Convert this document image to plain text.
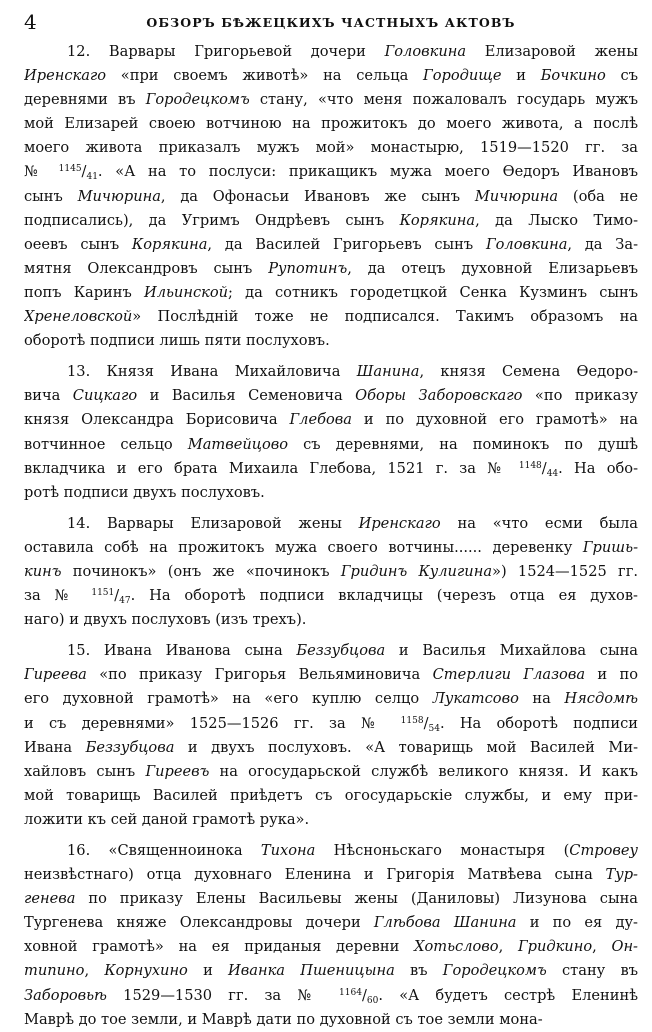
4	ОБЗОРЪ БѢЖЕЦКИХЪ ЧАСТНЫХЪ АКТОВЪ
12. Варвары Григорьевой дочери Головкина Елизаровой жены
Иренскаго «при своемъ животѣ» на сельца Городище и Бочкино съ
деревнями въ Городецкомъ стану, «что меня пожаловалъ государь мужъ
мой Елизарей своею вотчиною на прожитокъ до моего живота, а послѣ
моего живота приказалъ мужъ мой» монастырю, 1519—1520 гг. за
№ $^{1145}/_{41}$. «А на то послуси: прикащикъ мужа моего Өедоръ Ивановъ
сынъ Мичюрина, да Офонасьи Ивановъ же сынъ Мичюрина (оба не
подписались), да Угримъ Ондрѣевъ сынъ Корякина, да Лыско Тимо-
оеевъ сынъ Корякина, да Василей Григорьевъ сынъ Головкина, да За-
мятня Олександровъ сынъ Рупотинъ, да отецъ духовной Елизарьевъ
попъ Каринъ Ильинской; да сотникъ городетцкой Сенка Кузминъ сынъ
Хренеловской» Послѣдній тоже не подписался. Такимъ образомъ на
оборотѣ подписи лишь пяти послуховъ.
13. Князя Ивана Михайловича Шанина, князя Семена Өедоро-
вича Сицкаго и Василья Семеновича Оборы Заборовскаго «по приказу
князя Олександра Борисовича Глебова и по духовной его грамотѣ» на
вотчинное сельцо Матвейцово съ деревнями, на поминокъ по душѣ
вкладчика и его брата Михаила Глебова, 1521 г. за № $^{1148}/_{44}$. На обо-
ротѣ подписи двухъ послуховъ.
14. Варвары Елизаровой жены Иренскаго на «что есми была
оставила собѣ на прожитокъ мужа своего вотчины...... деревенку Гришь-
кинъ починокъ» (онъ же «починокъ Гридинъ Кулигина») 1524—1525 гг.
за № $^{1151}/_{47}$. На оборотѣ подписи вкладчицы (черезъ отца ея духов-
наго) и двухъ послуховъ (изъ трехъ).
15. Ивана Иванова сына Беззубцова и Василья Михайлова сына
Гиреева «по приказу Григорья Вельяминовича Стерлиги Глазова и по
его духовной грамотѣ» на «его куплю селцо Лукатсово на Нясдомѣ
и съ деревнями» 1525—1526 гг. за № $^{1158}/_{54}$. На оборотѣ подписи
Ивана Беззубцова и двухъ послуховъ. «А товарищь мой Василей Ми-
хайловъ сынъ Гиреевъ на огосударьской службѣ великого князя. И какъ
мой товарищь Василей приѣдетъ съ огосударьскіе службы, и ему при-
ложити къ сей даной грамотѣ рука».
16. «Священноинока Тихона Нѣсноньскаго монастыря (Стровеу
неизвѣстнаго) отца духовнаго Еленина и Григорія Матвѣева сына Тур-
генева по приказу Елены Васильевы жены (Даниловы) Лизунова сына
Тургенева княже Олександровы дочери Глѣбова Шанина и по ея ду-
ховной грамотѣ» на ея приданыя деревни Хотьслово, Гридкино, Он-
типино, Корнухино и Иванка Пшеницына въ Городецкомъ стану въ
Заборовьѣ 1529—1530 гг. за № $^{1164}/_{60}$. «А будетъ сестрѣ Еленинѣ
Маврѣ до тое земли, и Маврѣ дати по духовной съ тое земли мона-
